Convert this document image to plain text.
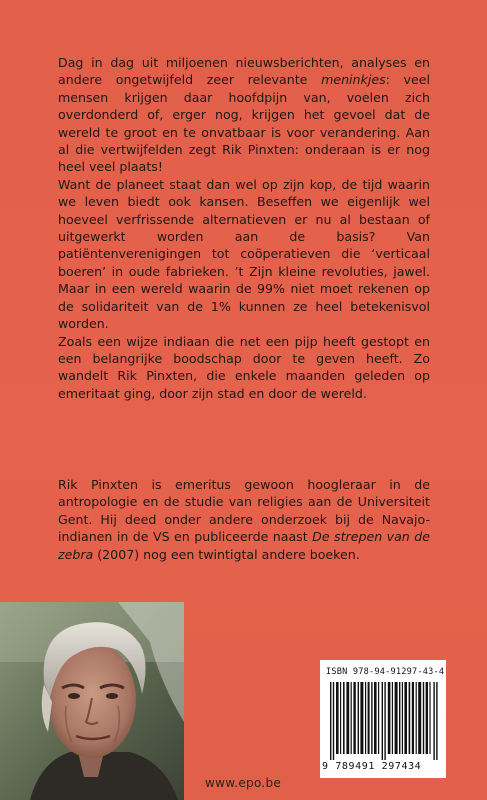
Dag in dag uit miljoenen nieuwsberichten, analyses en andere ongetwijfeld zeer relevante meninkjes: veel mensen krijgen daar hoofdpijn van, voelen zich overdonderd of, erger nog, krijgen het gevoel dat de wereld te groot en te onvatbaar is voor verandering. Aan al die vertwijfelden zegt Rik Pinxten: onderaan is er nog heel veel plaats!

Want de planeet staat dan wel op zijn kop, de tijd waarin we leven biedt ook kansen. Beseffen we eigenlijk wel hoeveel verfrissende alternatieven er nu al bestaan of uitgewerkt worden aan de basis? Van patiëntenverenigingen tot coöperatieven die ‘verticaal boeren’ in oude fabrieken. ’t Zijn kleine revoluties, jawel. Maar in een wereld waarin de 99% niet moet rekenen op de solidariteit van de 1% kunnen ze heel betekenisvol worden.

Zoals een wijze indiaan die net een pijp heeft gestopt en een belangrijke boodschap door te geven heeft. Zo wandelt Rik Pinxten, die enkele maanden geleden op emeritaat ging, door zijn stad en door de wereld.

Rik Pinxten is emeritus gewoon hoogleraar in de antropologie en de studie van religies aan de Universiteit Gent. Hij deed onder andere onderzoek bij de Navajo-indianen in de VS en publiceerde naast De strepen van de zebra (2007) nog een twintigtal andere boeken.

www.epo.be
ISBN 978-94-91297-43-4
9 789491 297434
